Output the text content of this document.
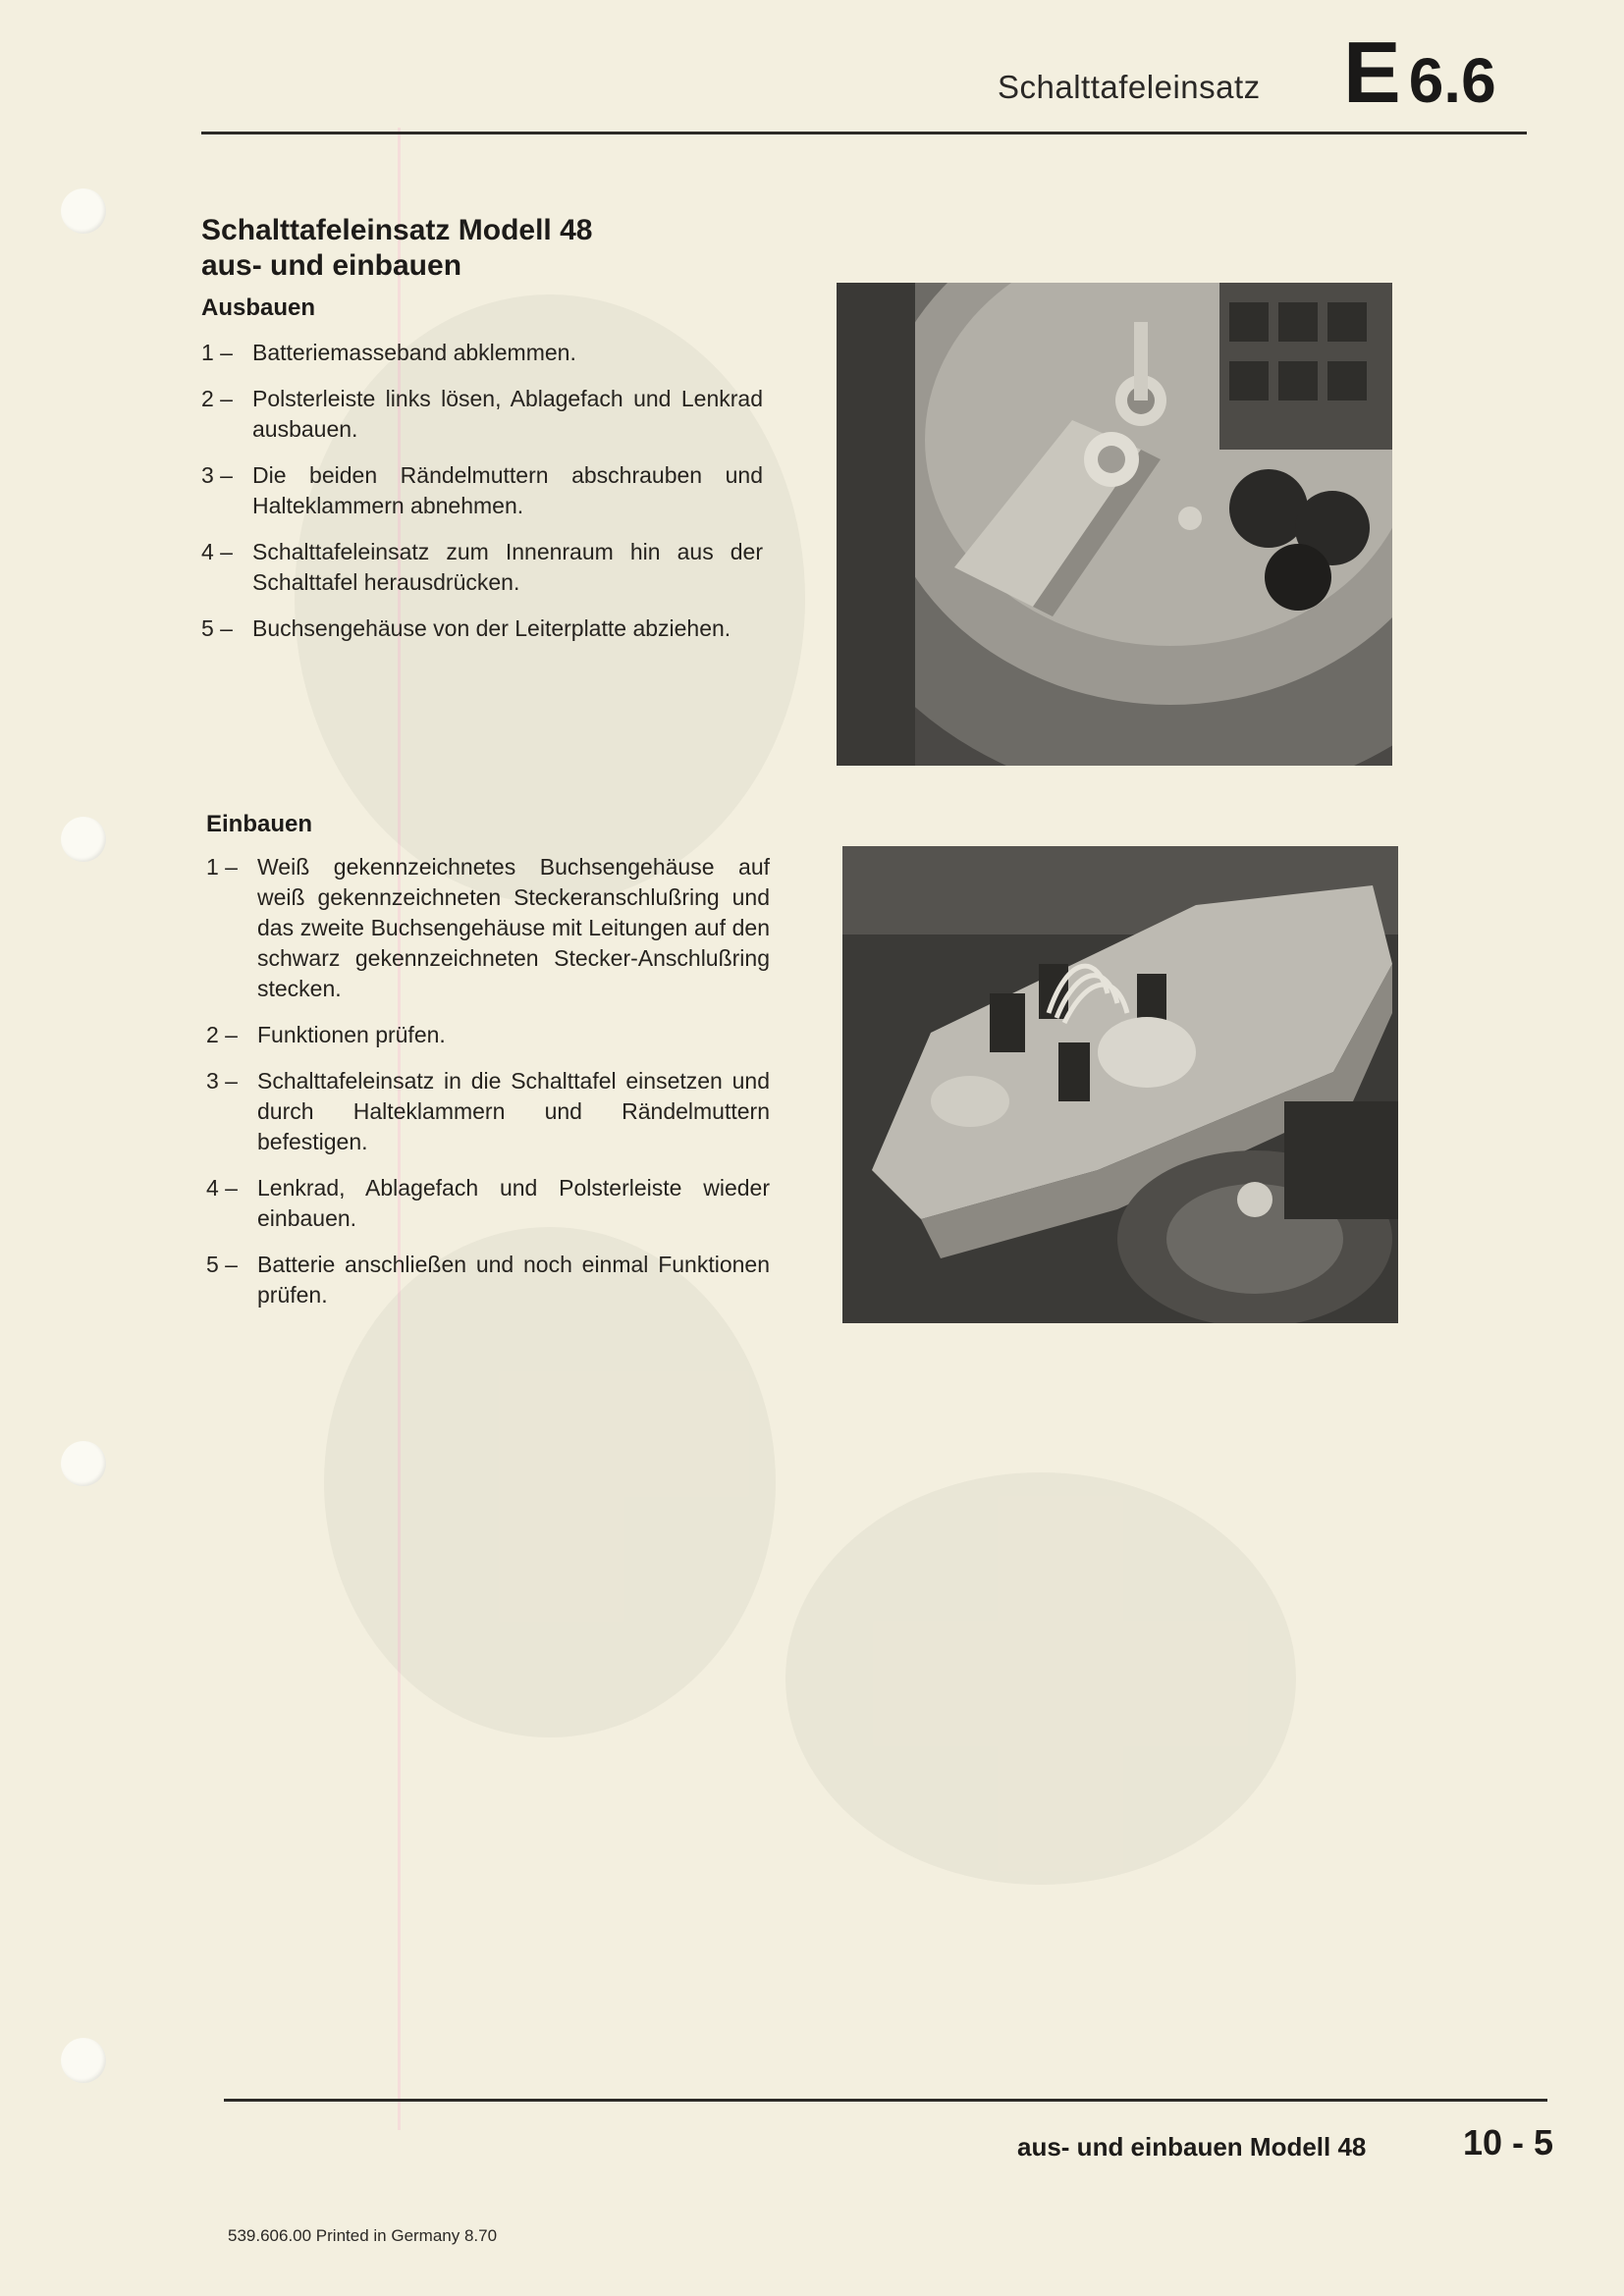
Schalttafeleinsatz E 6.6
Schalttafeleinsatz Modell 48
aus- und einbauen
Ausbauen
1 – Batteriemasseband abklemmen.
2 – Polsterleiste links lösen, Ablagefach und Lenkrad ausbauen.
3 – Die beiden Rändelmuttern abschrauben und Halteklammern abnehmen.
4 – Schalttafeleinsatz zum Innenraum hin aus der Schalttafel herausdrücken.
5 – Buchsengehäuse von der Leiterplatte abziehen.
Einbauen
1 – Weiß gekennzeichnetes Buchsengehäuse auf weiß gekennzeichneten Steckeranschlußring und das zweite Buchsengehäuse mit Leitungen auf den schwarz gekennzeichneten Stecker-Anschlußring stecken.
2 – Funktionen prüfen.
3 – Schalttafeleinsatz in die Schalttafel einsetzen und durch Halteklammern und Rändelmuttern befestigen.
4 – Lenkrad, Ablagefach und Polsterleiste wieder einbauen.
5 – Batterie anschließen und noch einmal Funktionen prüfen.
aus- und einbauen Modell 48	10 - 5
539.606.00 Printed in Germany 8.70
